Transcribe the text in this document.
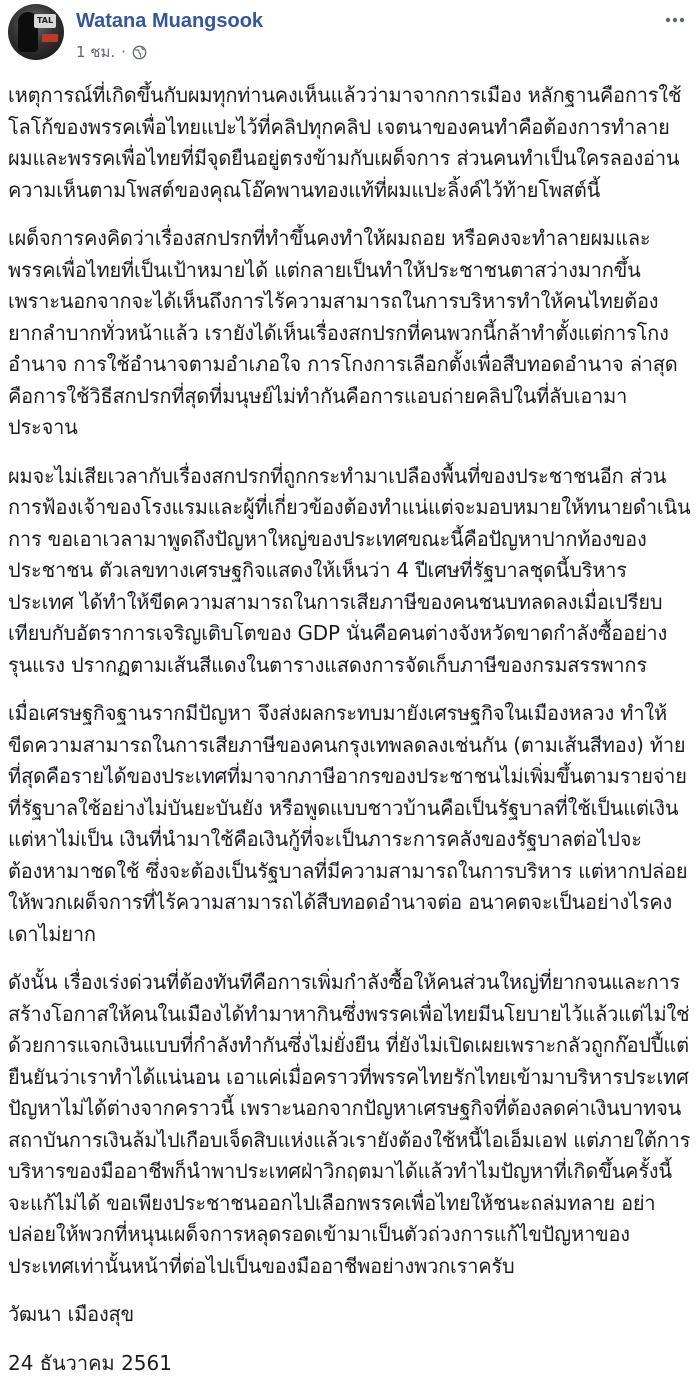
TAL Watana Muangsook
1 ชม. ·

เหตุการณ์ที่เกิดขึ้นกับผมทุกท่านคงเห็นแล้วว่ามาจากการเมือง หลักฐานคือการใช้โลโก้ของพรรคเพื่อไทยแปะไว้ที่คลิปทุกคลิป เจตนาของคนทำคือต้องการทำลายผมและพรรคเพื่อไทยที่มีจุดยืนอยู่ตรงข้ามกับเผด็จการ ส่วนคนทำเป็นใครลองอ่านความเห็นตามโพสต์ของคุณโอ๊คพานทองแท้ที่ผมแปะลิ้งค์ไว้ท้ายโพสต์นี้

เผด็จการคงคิดว่าเรื่องสกปรกที่ทำขึ้นคงทำให้ผมถอย หรือคงจะทำลายผมและพรรคเพื่อไทยที่เป็นเป้าหมายได้ แต่กลายเป็นทำให้ประชาชนตาสว่างมากขึ้น เพราะนอกจากจะได้เห็นถึงการไร้ความสามารถในการบริหารทำให้คนไทยต้องยากลำบากทั่วหน้าแล้ว เรายังได้เห็นเรื่องสกปรกที่คนพวกนี้กล้าทำตั้งแต่การโกงอำนาจ การใช้อำนาจตามอำเภอใจ การโกงการเลือกตั้งเพื่อสืบทอดอำนาจ ล่าสุดคือการใช้วิธีสกปรกที่สุดที่มนุษย์ไม่ทำกันคือการแอบถ่ายคลิปในที่ลับเอามาประจาน

ผมจะไม่เสียเวลากับเรื่องสกปรกที่ถูกกระทำมาเปลืองพื้นที่ของประชาชนอีก ส่วนการฟ้องเจ้าของโรงแรมและผู้ที่เกี่ยวข้องต้องทำแน่แต่จะมอบหมายให้ทนายดำเนินการ ขอเอาเวลามาพูดถึงปัญหาใหญ่ของประเทศขณะนี้คือปัญหาปากท้องของประชาชน ตัวเลขทางเศรษฐกิจแสดงให้เห็นว่า 4 ปีเศษที่รัฐบาลชุดนี้บริหารประเทศ ได้ทำให้ขีดความสามารถในการเสียภาษีของคนชนบทลดลงเมื่อเปรียบเทียบกับอัตราการเจริญเติบโตของ GDP นั่นคือคนต่างจังหวัดขาดกำลังซื้ออย่างรุนแรง ปรากฏตามเส้นสีแดงในตารางแสดงการจัดเก็บภาษีของกรมสรรพากร

เมื่อเศรษฐกิจฐานรากมีปัญหา จึงส่งผลกระทบมายังเศรษฐกิจในเมืองหลวง ทำให้ขีดความสามารถในการเสียภาษีของคนกรุงเทพลดลงเช่นกัน (ตามเส้นสีทอง) ท้ายที่สุดคือรายได้ของประเทศที่มาจากภาษีอากรของประชาชนไม่เพิ่มขึ้นตามรายจ่ายที่รัฐบาลใช้อย่างไม่บันยะบันยัง หรือพูดแบบชาวบ้านคือเป็นรัฐบาลที่ใช้เป็นแต่เงินแต่หาไม่เป็น เงินที่นำมาใช้คือเงินกู้ที่จะเป็นภาระการคลังของรัฐบาลต่อไปจะต้องหามาชดใช้ ซึ่งจะต้องเป็นรัฐบาลที่มีความสามารถในการบริหาร แต่หากปล่อยให้พวกเผด็จการที่ไร้ความสามารถได้สืบทอดอำนาจต่อ อนาคตจะเป็นอย่างไรคงเดาไม่ยาก

ดังนั้น เรื่องเร่งด่วนที่ต้องทันทีคือการเพิ่มกำลังซื้อให้คนส่วนใหญ่ที่ยากจนและการสร้างโอกาสให้คนในเมืองได้ทำมาหากินซึ่งพรรคเพื่อไทยมีนโยบายไว้แล้วแต่ไม่ใช่ด้วยการแจกเงินแบบที่กำลังทำกันซึ่งไม่ยั่งยืน ที่ยังไม่เปิดเผยเพราะกลัวถูกก๊อปปี้แต่ยืนยันว่าเราทำได้แน่นอน เอาแค่เมื่อคราวที่พรรคไทยรักไทยเข้ามาบริหารประเทศปัญหาไม่ได้ต่างจากคราวนี้ เพราะนอกจากปัญหาเศรษฐกิจที่ต้องลดค่าเงินบาทจนสถาบันการเงินล้มไปเกือบเจ็ดสิบแห่งแล้วเรายังต้องใช้หนี้ไอเอ็มเอฟ แต่ภายใต้การบริหารของมืออาชีพก็นำพาประเทศฝ่าวิกฤตมาได้แล้วทำไมปัญหาที่เกิดขึ้นครั้งนี้จะแก้ไม่ได้ ขอเพียงประชาชนออกไปเลือกพรรคเพื่อไทยให้ชนะถล่มทลาย อย่าปล่อยให้พวกที่หนุนเผด็จการหลุดรอดเข้ามาเป็นตัวถ่วงการแก้ไขปัญหาของประเทศเท่านั้นหน้าที่ต่อไปเป็นของมืออาชีพอย่างพวกเราครับ

วัฒนา เมืองสุข

24 ธันวาคม 2561
